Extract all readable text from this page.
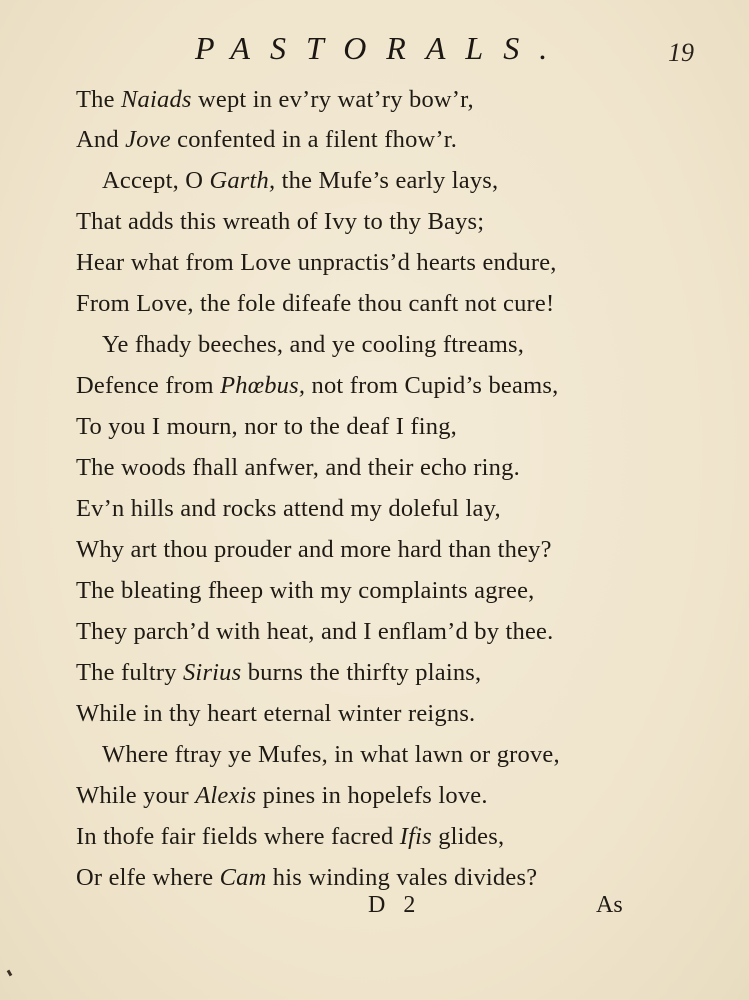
PASTORALS.	19
The Naiads wept in ev’ry wat’ry bow’r,
And Jove confented in a filent fhow’r.
Accept, O Garth, the Mufe’s early lays,
That adds this wreath of Ivy to thy Bays;
Hear what from Love unpractis’d hearts endure,
From Love, the fole difeafe thou canft not cure!
Ye fhady beeches, and ye cooling ftreams,
Defence from Phœbus, not from Cupid’s beams,
To you I mourn, nor to the deaf I fing,
The woods fhall anfwer, and their echo ring.
Ev’n hills and rocks attend my doleful lay,
Why art thou prouder and more hard than they?
The bleating fheep with my complaints agree,
They parch’d with heat, and I enflam’d by thee.
The fultry Sirius burns the thirfty plains,
While in thy heart eternal winter reigns.
Where ftray ye Mufes, in what lawn or grove,
While your Alexis pines in hopelefs love.
In thofe fair fields where facred Ifis glides,
Or elfe where Cam his winding vales divides?
D 2	As
